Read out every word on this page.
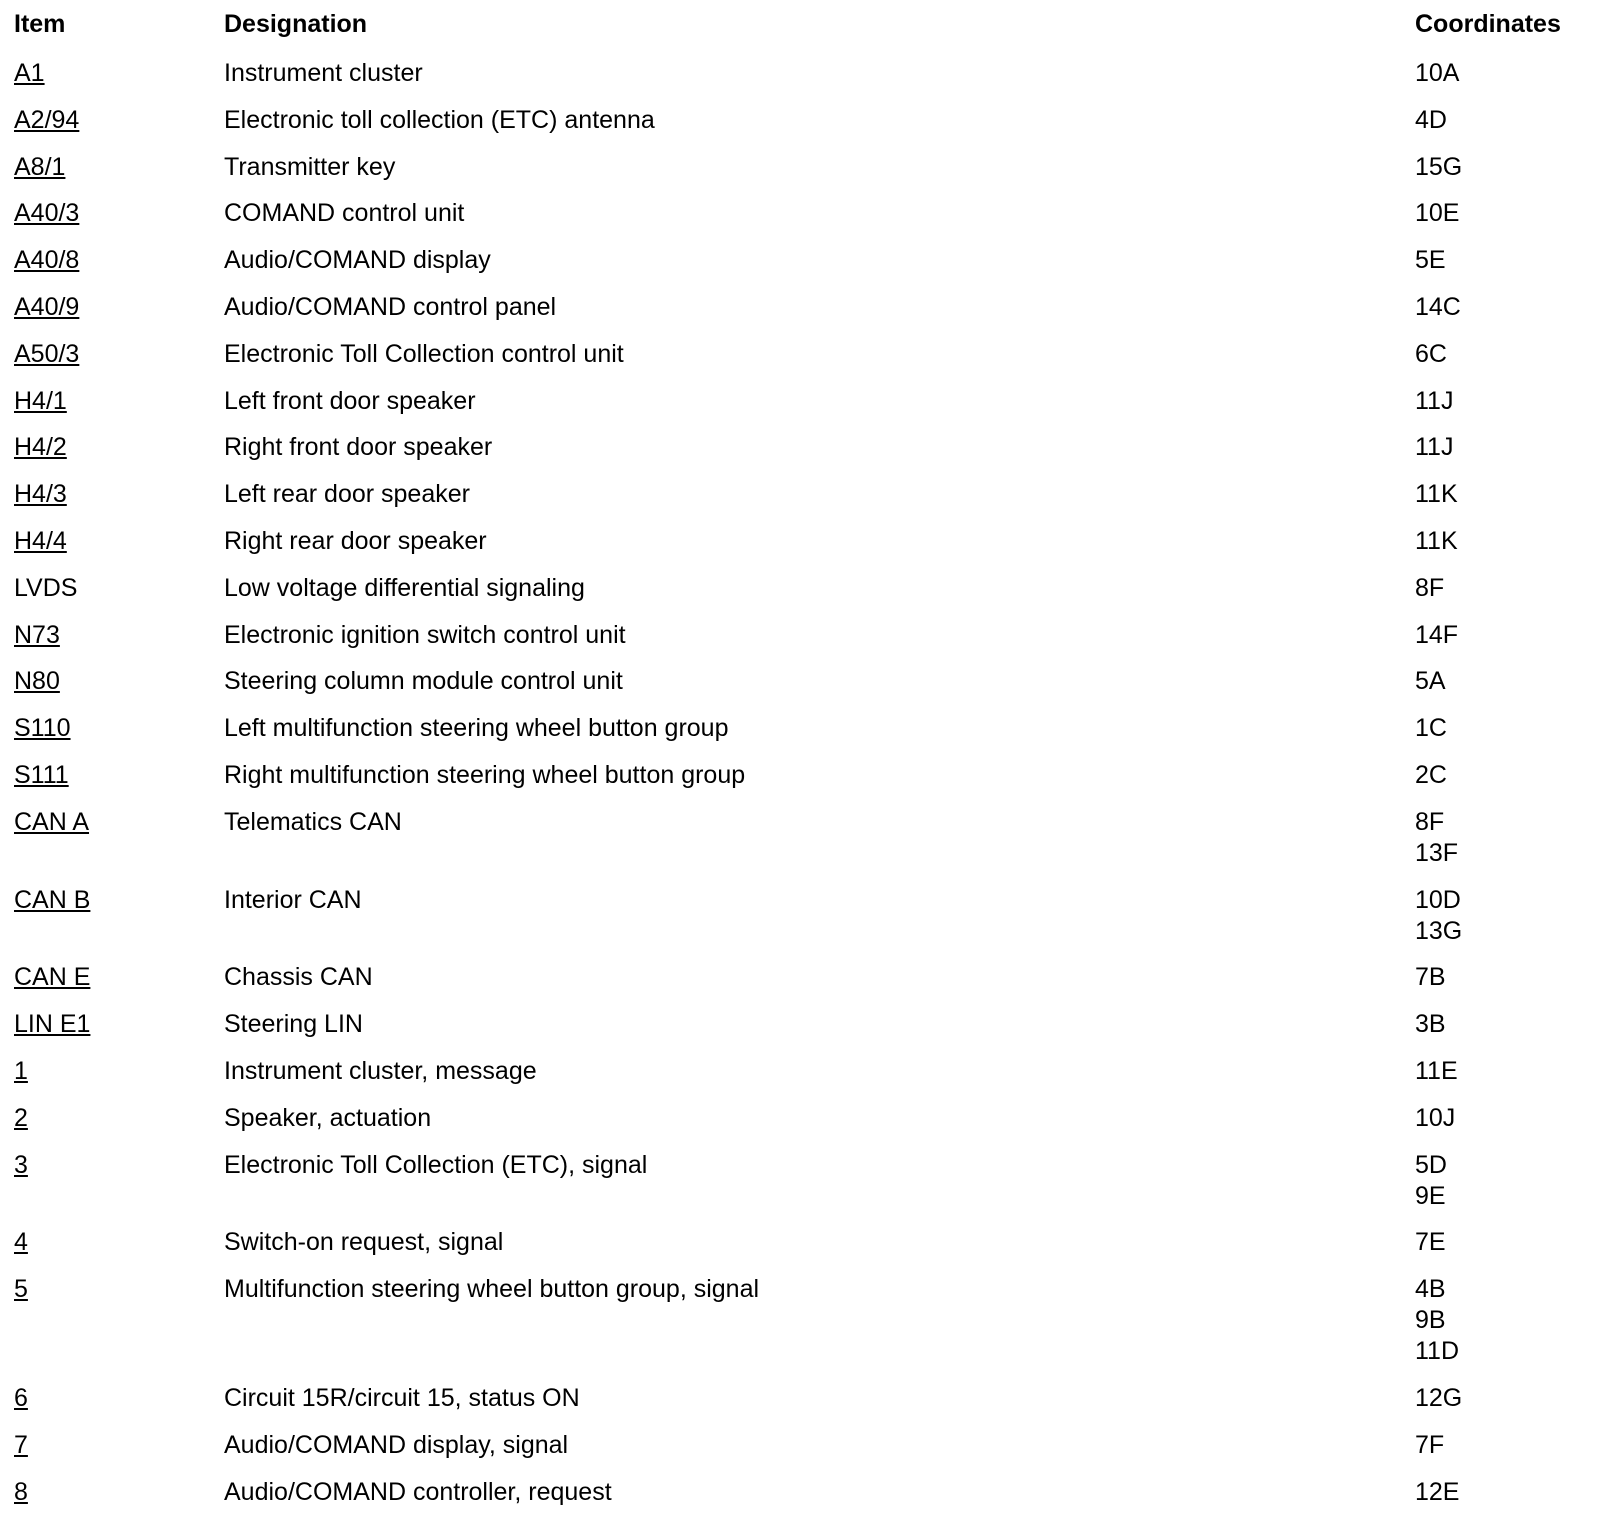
Item	Designation	Coordinates
A1	Instrument cluster	10A
A2/94	Electronic toll collection (ETC) antenna	4D
A8/1	Transmitter key	15G
A40/3	COMAND control unit	10E
A40/8	Audio/COMAND display	5E
A40/9	Audio/COMAND control panel	14C
A50/3	Electronic Toll Collection control unit	6C
H4/1	Left front door speaker	11J
H4/2	Right front door speaker	11J
H4/3	Left rear door speaker	11K
H4/4	Right rear door speaker	11K
LVDS	Low voltage differential signaling	8F
N73	Electronic ignition switch control unit	14F
N80	Steering column module control unit	5A
S110	Left multifunction steering wheel button group	1C
S111	Right multifunction steering wheel button group	2C
CAN A	Telematics CAN	8F
13F
CAN B	Interior CAN	10D
13G
CAN E	Chassis CAN	7B
LIN E1	Steering LIN	3B
1	Instrument cluster, message	11E
2	Speaker, actuation	10J
3	Electronic Toll Collection (ETC), signal	5D
9E
4	Switch-on request, signal	7E
5	Multifunction steering wheel button group, signal	4B
9B
11D
6	Circuit 15R/circuit 15, status ON	12G
7	Audio/COMAND display, signal	7F
8	Audio/COMAND controller, request	12E
